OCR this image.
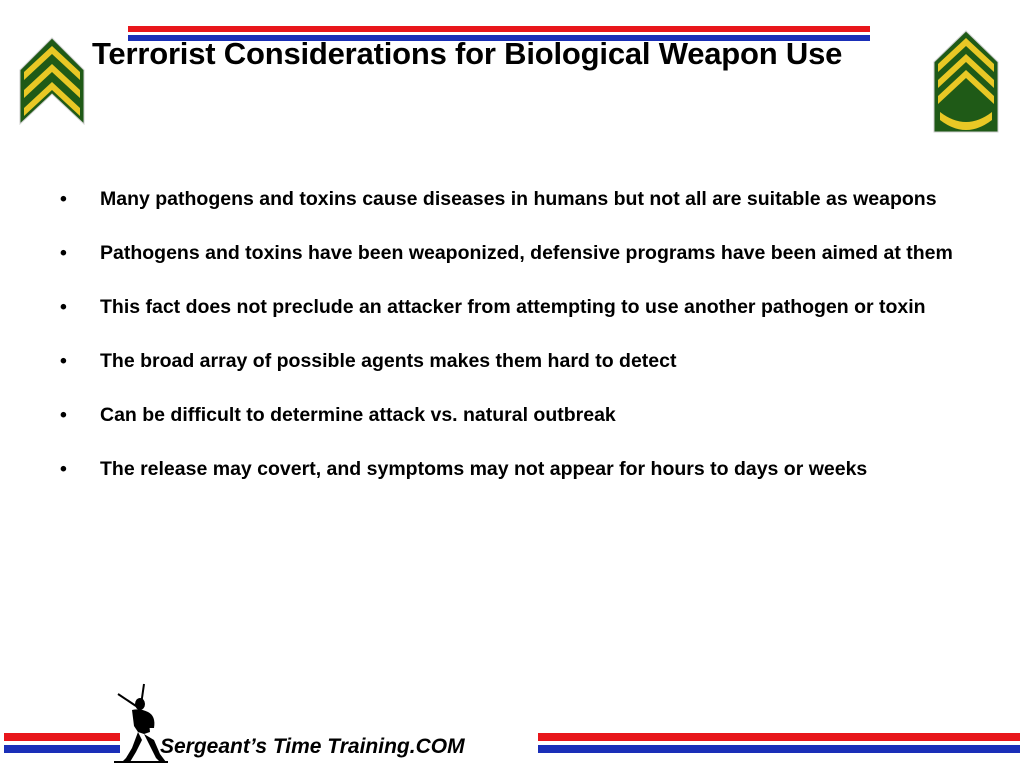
Terrorist Considerations for Biological Weapon Use
• Many pathogens and toxins cause diseases in humans but not all are suitable as weapons
• Pathogens and toxins have been weaponized, defensive programs have been aimed at them
• This fact does not preclude an attacker from attempting to use another pathogen or toxin
• The broad array of possible agents makes them hard to detect
• Can be difficult to determine attack vs. natural outbreak
• The release may covert, and symptoms may not appear for hours to days or weeks
Sergeant’s Time Training.COM
